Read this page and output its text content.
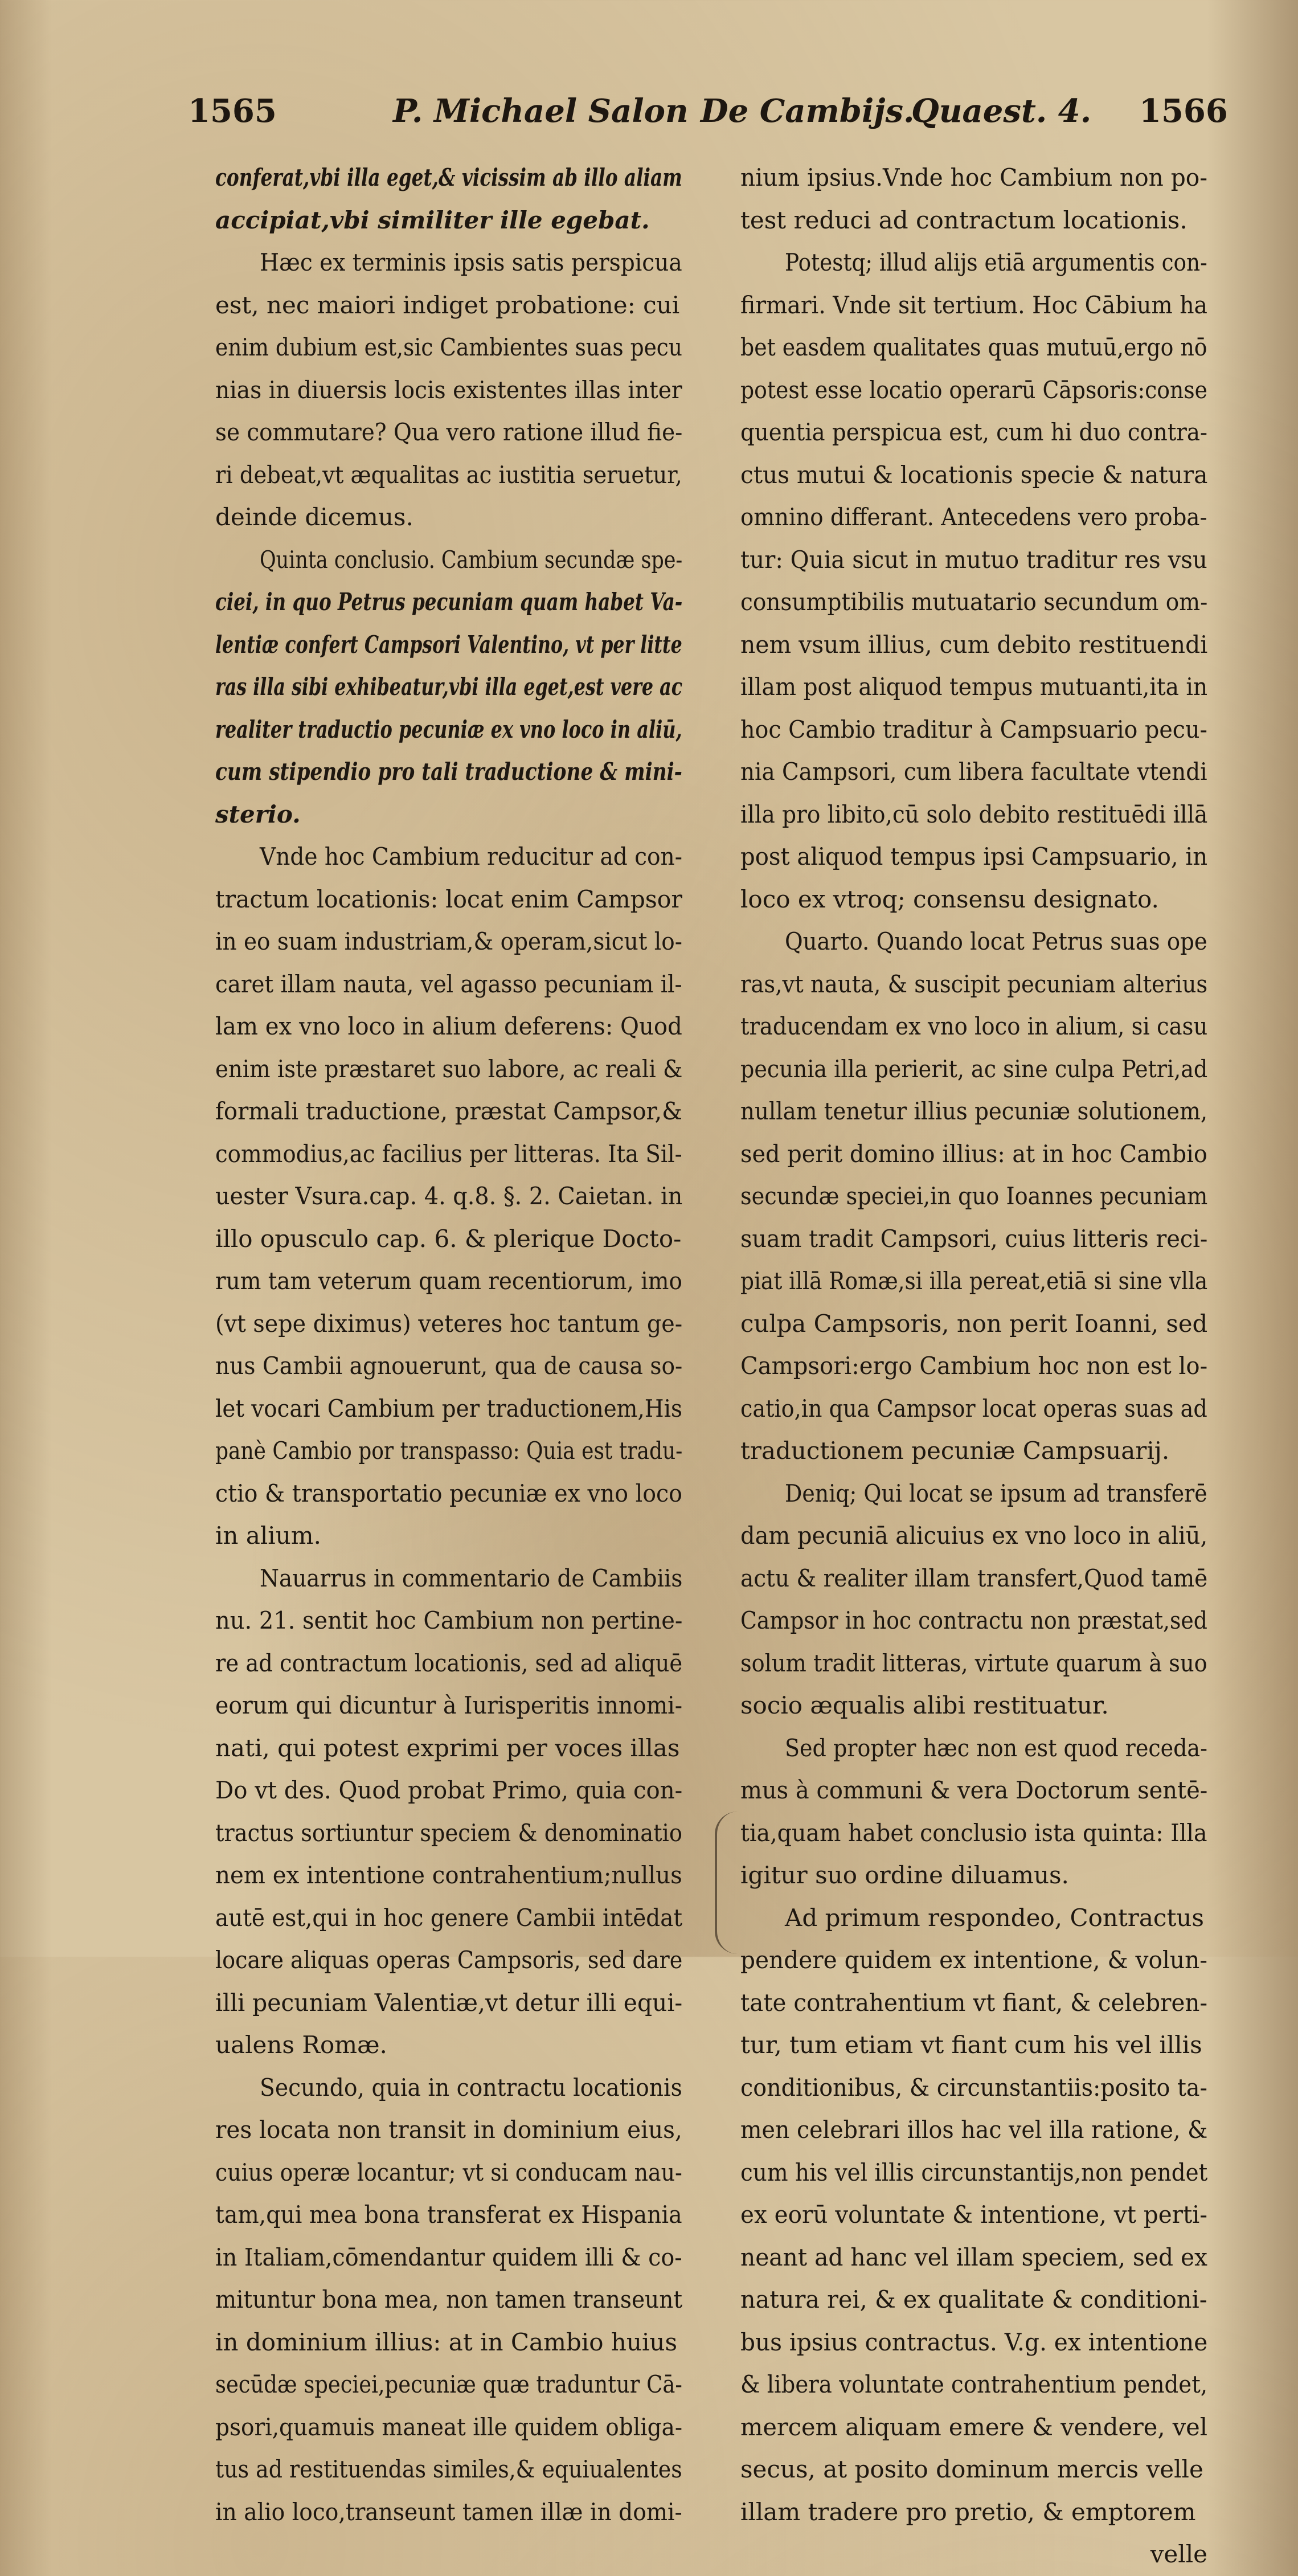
1565	P. Michael Salon De Cambijs.
Quaest. 4. 1566
conferat,vbi illa eget,& vicissim ab illo aliam
accipiat,vbi similiter ille egebat.
Hæc ex terminis ipsis satis perspicua
est, nec maiori indiget probatione: cui
enim dubium est,sic Cambientes suas pecu
nias in diuersis locis existentes illas inter
se commutare? Qua vero ratione illud fie-
ri debeat,vt æqualitas ac iustitia seruetur,
deinde dicemus.
Quinta conclusio. Cambium secundæ spe-
ciei, in quo Petrus pecuniam quam habet Va-
lentiæ confert Campsori Valentino, vt per litte
ras illa sibi exhibeatur,vbi illa eget,est vere ac
realiter traductio pecuniæ ex vno loco in aliū,
cum stipendio pro tali traductione & mini-
sterio.
Vnde hoc Cambium reducitur ad con-
tractum locationis: locat enim Campsor
in eo suam industriam,& operam,sicut lo-
caret illam nauta, vel agasso pecuniam il-
lam ex vno loco in alium deferens: Quod
enim iste præstaret suo labore, ac reali &
formali traductione, præstat Campsor,&
commodius,ac facilius per litteras. Ita Sil-
uester Vsura.cap. 4. q.8. §. 2. Caietan. in
illo opusculo cap. 6. & plerique Docto-
rum tam veterum quam recentiorum, imo
(vt sepe diximus) veteres hoc tantum ge-
nus Cambii agnouerunt, qua de causa so-
let vocari Cambium per traductionem,His
panè Cambio por transpasso: Quia est tradu-
ctio & transportatio pecuniæ ex vno loco
in alium.
Nauarrus in commentario de Cambiis
nu. 21. sentit hoc Cambium non pertine-
re ad contractum locationis, sed ad aliquē
eorum qui dicuntur à Iurisperitis innomi-
nati, qui potest exprimi per voces illas
Do vt des. Quod probat Primo, quia con-
tractus sortiuntur speciem & denominatio
nem ex intentione contrahentium;nullus
autē est,qui in hoc genere Cambii intēdat
locare aliquas operas Campsoris, sed dare
illi pecuniam Valentiæ,vt detur illi equi-
ualens Romæ.
Secundo, quia in contractu locationis
res locata non transit in dominium eius,
cuius operæ locantur; vt si conducam nau-
tam,qui mea bona transferat ex Hispania
in Italiam,cōmendantur quidem illi & co-
mituntur bona mea, non tamen transeunt
in dominium illius: at in Cambio huius
secūdæ speciei,pecuniæ quæ traduntur Cā-
psori,quamuis maneat ille quidem obliga-
tus ad restituendas similes,& equiualentes
in alio loco,transeunt tamen illæ in domi-
nium ipsius.Vnde hoc Cambium non po-
test reduci ad contractum locationis.
Potestq; illud alijs etiā argumentis con-
firmari. Vnde sit tertium. Hoc Cābium ha
bet easdem qualitates quas mutuū,ergo nō
potest esse locatio operarū Cāpsoris:conse
quentia perspicua est, cum hi duo contra-
ctus mutui & locationis specie & natura
omnino differant. Antecedens vero proba-
tur: Quia sicut in mutuo traditur res vsu
consumptibilis mutuatario secundum om-
nem vsum illius, cum debito restituendi
illam post aliquod tempus mutuanti,ita in
hoc Cambio traditur à Campsuario pecu-
nia Campsori, cum libera facultate vtendi
illa pro libito,cū solo debito restituēdi illā
post aliquod tempus ipsi Campsuario, in
loco ex vtroq; consensu designato.
Quarto. Quando locat Petrus suas ope
ras,vt nauta, & suscipit pecuniam alterius
traducendam ex vno loco in alium, si casu
pecunia illa perierit, ac sine culpa Petri,ad
nullam tenetur illius pecuniæ solutionem,
sed perit domino illius: at in hoc Cambio
secundæ speciei,in quo Ioannes pecuniam
suam tradit Campsori, cuius litteris reci-
piat illā Romæ,si illa pereat,etiā si sine vlla
culpa Campsoris, non perit Ioanni, sed
Campsori:ergo Cambium hoc non est lo-
catio,in qua Campsor locat operas suas ad
traductionem pecuniæ Campsuarij.
Deniq; Qui locat se ipsum ad transferē
dam pecuniā alicuius ex vno loco in aliū,
actu & realiter illam transfert,Quod tamē
Campsor in hoc contractu non præstat,sed
solum tradit litteras, virtute quarum à suo
socio æqualis alibi restituatur.
Sed propter hæc non est quod receda-
mus à communi & vera Doctorum sentē-
tia,quam habet conclusio ista quinta: Illa
igitur suo ordine diluamus.
Ad primum respondeo, Contractus
pendere quidem ex intentione, & volun-
tate contrahentium vt fiant, & celebren-
tur, tum etiam vt fiant cum his vel illis
conditionibus, & circunstantiis:posito ta-
men celebrari illos hac vel illa ratione, &
cum his vel illis circunstantijs,non pendet
ex eorū voluntate & intentione, vt perti-
neant ad hanc vel illam speciem, sed ex
natura rei, & ex qualitate & conditioni-
bus ipsius contractus. V.g. ex intentione
& libera voluntate contrahentium pendet,
mercem aliquam emere & vendere, vel
secus, at posito dominum mercis velle
illam tradere pro pretio, & emptorem
velle
